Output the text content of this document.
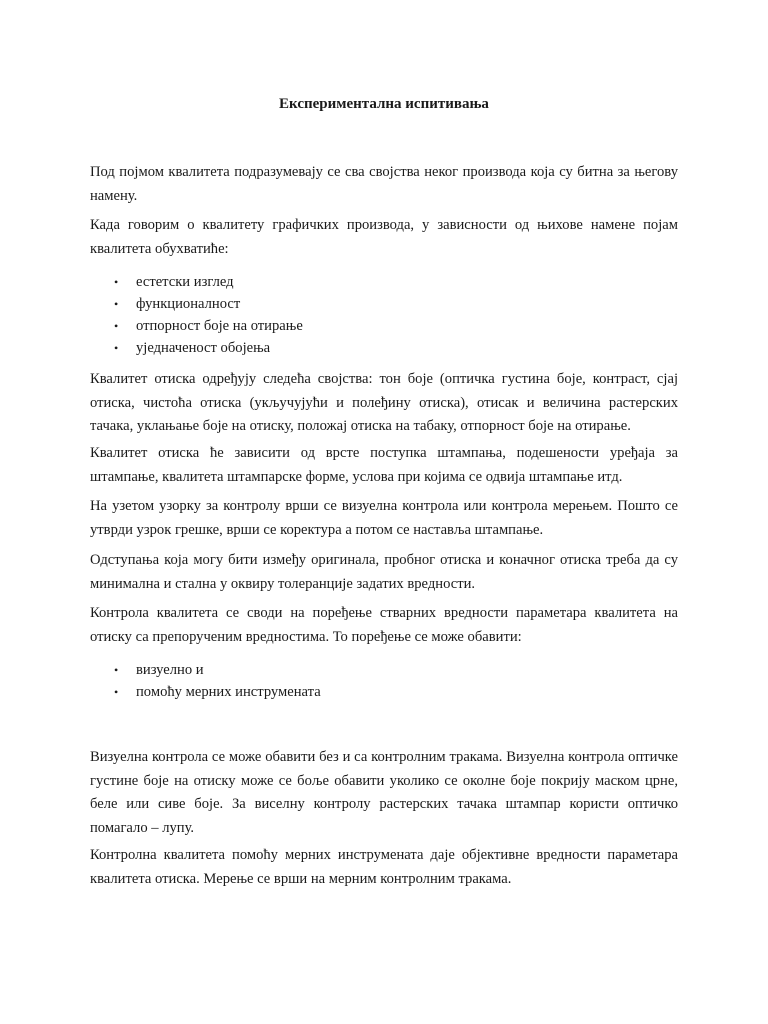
Експериментална испитивања

Под појмом квалитета подразумевају се сва својства неког производа која су битна за његову намену.

Када говорим о квалитету графичких производа, у зависности од њихове намене појам квалитета обухватиће:

• естетски изглед
• функционалност
• отпорност боје на отирање
• уједначеност обојења

Квалитет отиска одређују следећа својства: тон боје (оптичка густина боје, контраст, сјај отиска, чистоћа отиска (укључујући и полеђину отиска), отисак и величина растерских тачака, уклањање боје на отиску, положај отиска на табаку, отпорност боје на отирање.

Квалитет отиска ће зависити од врсте поступка штампања, подешености уређаја за штампање, квалитета штампарске форме, услова при којима се одвија штампање итд.

На узетом узорку за контролу врши се визуелна контрола или контрола мерењем. Пошто се утврди узрок грешке, врши се коректура а потом се наставља штампање.

Одступања која могу бити између оригинала, пробног отиска и коначног отиска треба да су минимална и стална у оквиру толеранције задатих вредности.

Контрола квалитета се своди на поређење стварних вредности параметара квалитета на отиску са препорученим вредностима. То поређење се може обавити:

• визуелно и
• помоћу мерних инструмената

Визуелна контрола се може обавити без и са контролним тракама. Визуелна контрола оптичке густине боје на отиску може се боље обавити уколико се околне боје покрију маском црне, беле или сиве боје. За виселну контролу растерских тачака штампар користи оптичко помагало – лупу.

Контролна квалитета помоћу мерних инструмената даје објективне вредности параметара квалитета отиска. Мерење се врши на мерним контролним тракама.
